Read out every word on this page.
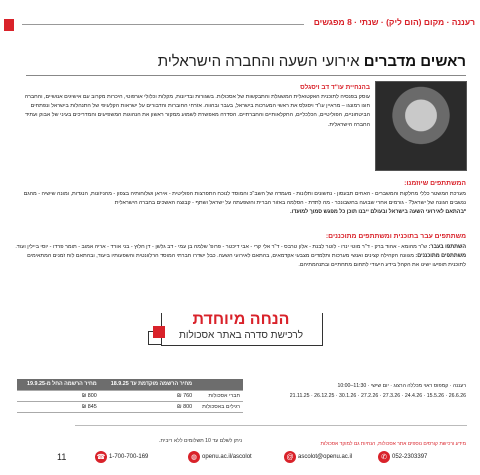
רעננה · מקום (הום ליק) · שנתי · 8 מפגשים
ראשים מדברים אירועי השעה והחברה הישראלית
בהנחיית עו"ד דב ויסגלס
עוסק בפנסיה לתוכנית האקטואלית המשוגלת והתבקשות של אסכולות. בשגורות ובדיונות, מקלות וכלולי אורפוטי, היכרות מקרוב עם אישיגים אנושיים, והחברה חוגו רמונגו – מראיין עו"ד ויסגלס את ראשי המערכות בישראל, בעבר ובהווה. אזרחי החוברות והדבורים על ישראות הקלעיפי של התנהלות בישראל ונפתחים הביטחוניים, הפוליטיים, הכלכליים, החקלאותיים והחברתיים. הסדרה מאפשרת לשמוע ממקור ראשון את הנהוגות המשפיעים והמדריכים בעיני של אבוק ועתיד החברה הישראלית.
המשתתפים שיוזמנו:
מערכת המשטר כללי מחלקות והמשברים - האחים תבעסון - נחשונים ותלונות - מעמדה של השב"כ והמוסד לנוכח התפרצות הפוליטית - איראן ושלוחותיה בצפון - מהניזונות, הנגדות, ומונה שישיה - מהגם ננשבים הגונה של ישראל? - גורמים אחרי שבועה בחשבונכר - מה לתדת - הסלמה באזור הברית והשפעתה על ישראל ושתף - קבוצה האשכים בחברה הישראלית
*בהתאם לאירועי השעה בישראל ובעולם ייבנו תוכן כל מפגש סמוך למועדו.
משתתפים עבר בתוכנית ומשתתפים מתוכננים:
השתתפו בעבר: ש"ר מהומא - אהוד ברק - ד"ר מוטי ינרו - לוטר לבנת - אלון טרבס - ד"ר אלי קרי - אבי דיכטר - פרופ' שלמה בן עמי - דב גלשן - דן חלוץ - בני אורד - אריה אמוב - תומר פרדו - יוסי ביילין ועוד.
משתתפים מתוכננים: מגוונה הקהילה קצינים ואנשי מערכות ותלמדים מצבעי אקדמאים, בהתאם לאירועי השעה. כבל ישדרו חברתי המוסד הרלוונטית והשפעותיו ביעוד, ובהתאם לוח זמנים המתאימים לתוכנית תופיעו ישינו את הקהל בידע היעודי לתחום מתחתיים ובתנהמתיהם.
הנחה מיוחדת
לרכישת סדרה באתר אסכולות
רעננה · קמפוס ראוי מכללה הרצוג · יום שישי · 11:30–10:00
26.6.26 · 15.5.26 · 24.4.26 · 27.3.26 · 27.2.26 · 30.1.26 · 26.12.25 · 21.11.25
	מחיר הרשמה מוקדמת עד 18.9.25	מחיר הרשמה החל מ-19.9.25
חברי אסכולות	760 ₪	800 ₪
רגילים באסכולות	800 ₪	845 ₪
ניתן לשלם עד 10 תשלומים ללא ריבית.	מידע ורכישת קורסים נוספים אתר אסכולות, הנחיות גם למוקד אסכולות
✆ 052-2303397
@ ascolot@openu.ac.il
◍ openu.ac.il/ascolot
☎ 1-700-700-169
11
